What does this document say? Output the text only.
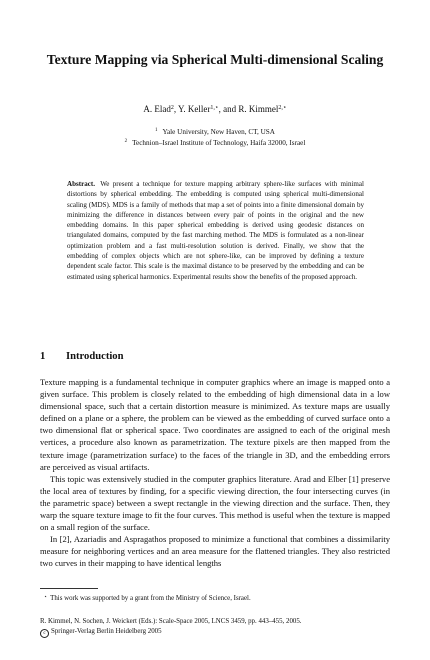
Texture Mapping via Spherical Multi-dimensional Scaling
A. Elad$^2$, Y. Keller$^{1,⋆}$, and R. Kimmel$^{2,⋆}$
$^1$ Yale University, New Haven, CT, USA
$^2$ Technion–Israel Institute of Technology, Haifa 32000, Israel
Abstract. We present a technique for texture mapping arbitrary sphere-like surfaces with minimal distortions by spherical embedding. The embedding is computed using spherical multi-dimensional scaling (MDS). MDS is a family of methods that map a set of points into a finite dimensional domain by minimizing the difference in distances between every pair of points in the original and the new embedding domains. In this paper spherical embedding is derived using geodesic distances on triangulated domains, computed by the fast marching method. The MDS is formulated as a non-linear optimization problem and a fast multi-resolution solution is derived. Finally, we show that the embedding of complex objects which are not sphere-like, can be improved by defining a texture dependent scale factor. This scale is the maximal distance to be preserved by the embedding and can be estimated using spherical harmonics. Experimental results show the benefits of the proposed approach.
1 Introduction

Texture mapping is a fundamental technique in computer graphics where an image is mapped onto a given surface. This problem is closely related to the embedding of high dimensional data in a low dimensional space, such that a certain distortion measure is minimized. As texture maps are usually defined on a plane or a sphere, the problem can be viewed as the embedding of curved surface onto a two dimensional flat or spherical space. Two coordinates are assigned to each of the original mesh vertices, a procedure also known as parametrization. The texture pixels are then mapped from the texture image (parametrization surface) to the faces of the triangle in 3D, and the embedding errors are perceived as visual artifacts.

This topic was extensively studied in the computer graphics literature. Arad and Elber [1] preserve the local area of textures by finding, for a specific viewing direction, the four intersecting curves (in the parametric space) between a swept rectangle in the viewing direction and the surface. Then, they warp the square texture image to fit the four curves. This method is useful when the texture is mapped on a small region of the surface.

In [2], Azariadis and Aspragathos proposed to minimize a functional that combines a dissimilarity measure for neighboring vertices and an area measure for the flattened triangles. They also restricted two curves in their mapping to have identical lengths

⋆ This work was supported by a grant from the Ministry of Science, Israel.
R. Kimmel, N. Sochen, J. Weickert (Eds.): Scale-Space 2005, LNCS 3459, pp. 443–455, 2005.
c Springer-Verlag Berlin Heidelberg 2005
